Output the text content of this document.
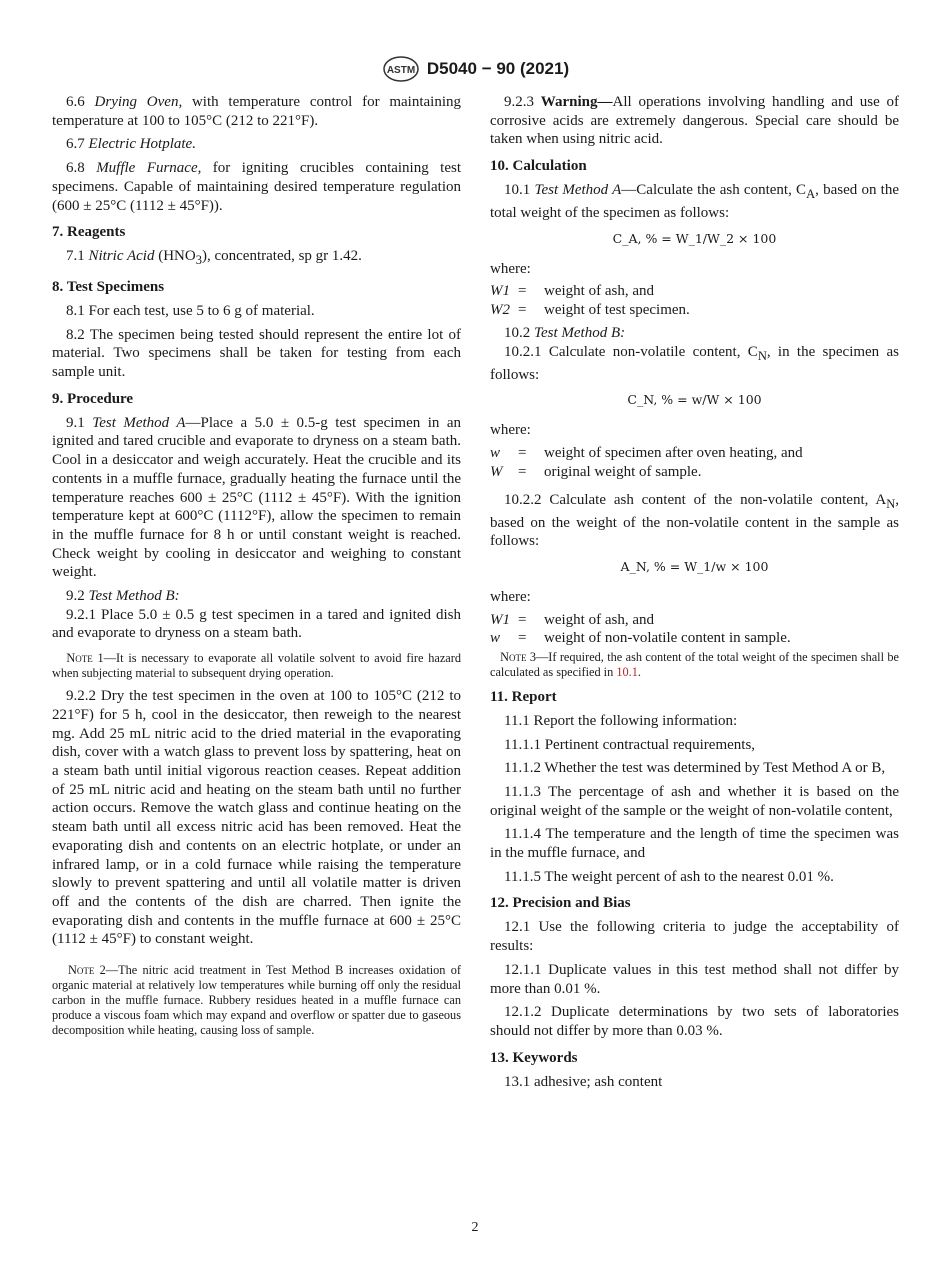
ASTM D5040 − 90 (2021)

6.6 Drying Oven, with temperature control for maintaining temperature at 100 to 105°C (212 to 221°F).

6.7 Electric Hotplate.

6.8 Muffle Furnace, for igniting crucibles containing test specimens. Capable of maintaining desired temperature regulation (600 ± 25°C (1112 ± 45°F)).

7. Reagents

7.1 Nitric Acid $(HNO_3)$, concentrated, sp gr 1.42.

8. Test Specimens

8.1 For each test, use 5 to 6 g of material.

8.2 The specimen being tested should represent the entire lot of material. Two specimens shall be taken for testing from each sample unit.

9. Procedure

9.1 Test Method A—Place a 5.0 ± 0.5-g test specimen in an ignited and tared crucible and evaporate to dryness on a steam bath. Cool in a desiccator and weigh accurately. Heat the crucible and its contents in a muffle furnace, gradually heating the furnace until the temperature reaches 600 ± 25°C (1112 ± 45°F). With the ignition temperature kept at 600°C (1112°F), allow the specimen to remain in the muffle furnace for 8 h or until constant weight is reached. Check weight by cooling in desiccator and weighing to constant weight.

9.2 Test Method B:

9.2.1 Place 5.0 ± 0.5 g test specimen in a tared and ignited dish and evaporate to dryness on a steam bath.

Note 1—It is necessary to evaporate all volatile solvent to avoid fire hazard when subjecting material to subsequent drying operation.

9.2.2 Dry the test specimen in the oven at 100 to 105°C (212 to 221°F) for 5 h, cool in the desiccator, then reweigh to the nearest mg. Add 25 mL nitric acid to the dried material in the evaporating dish, cover with a watch glass to prevent loss by spattering, heat on a steam bath until initial vigorous reaction ceases. Repeat addition of 25 mL nitric acid and heating on the steam bath until no further action occurs. Remove the watch glass and continue heating on the steam bath until all excess nitric acid has been removed. Heat the evaporating dish and contents on an electric hotplate, or under an infrared lamp, or in a cold furnace while raising the temperature slowly to prevent spattering and until all volatile matter is driven off and the contents of the dish are charred. Then ignite the evaporating dish and contents in the muffle furnace at 600 ± 25°C (1112 ± 45°F) to constant weight.

Note 2—The nitric acid treatment in Test Method B increases oxidation of organic material at relatively low temperatures while burning off only the residual carbon in the muffle furnace. Rubbery residues heated in a muffle furnace can produce a viscous foam which may expand and overflow or spatter due to gaseous decomposition while heating, causing loss of sample.

9.2.3 Warning—All operations involving handling and use of corrosive acids are extremely dangerous. Special care should be taken when using nitric acid.

10. Calculation

10.1 Test Method A—Calculate the ash content, $C_A$, based on the total weight of the specimen as follows:

C_A, % = W_1/W_2 × 100

where:

W1 =	weight of ash, and
W2 =	weight of test specimen.

10.2 Test Method B:

10.2.1 Calculate non-volatile content, $C_N$, in the specimen as follows:

C_N, % = w/W × 100

where:

w	=	weight of specimen after oven heating, and
W	=	original weight of sample.

10.2.2 Calculate ash content of the non-volatile content, $A_N$, based on the weight of the non-volatile content in the sample as follows:

A_N, % = W_1/w × 100

where:

W1 =	weight of ash, and
w	=	weight of non-volatile content in sample.

Note 3—If required, the ash content of the total weight of the specimen shall be calculated as specified in 10.1.

11. Report

11.1 Report the following information:

11.1.1 Pertinent contractual requirements,

11.1.2 Whether the test was determined by Test Method A or B,

11.1.3 The percentage of ash and whether it is based on the original weight of the sample or the weight of non-volatile content,

11.1.4 The temperature and the length of time the specimen was in the muffle furnace, and

11.1.5 The weight percent of ash to the nearest 0.01 %.

12. Precision and Bias

12.1 Use the following criteria to judge the acceptability of results:

12.1.1 Duplicate values in this test method shall not differ by more than 0.01 %.

12.1.2 Duplicate determinations by two sets of laboratories should not differ by more than 0.03 %.

13. Keywords

13.1 adhesive; ash content

2
